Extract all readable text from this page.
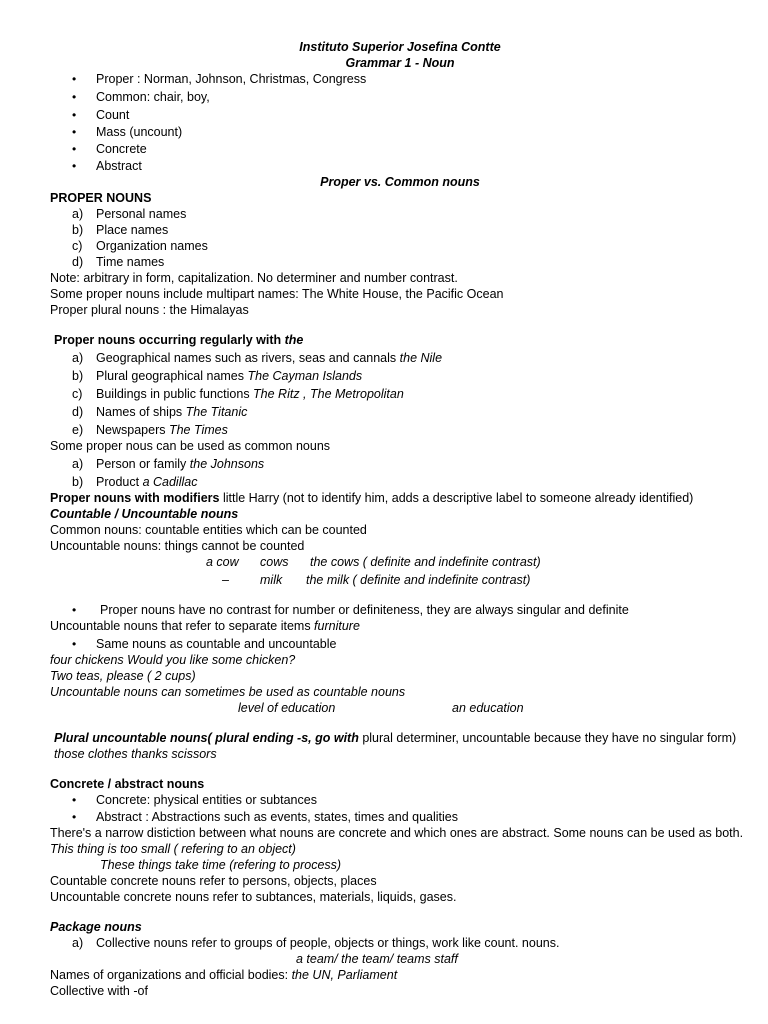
Instituto Superior Josefina Contte
Grammar 1 - Noun
• Proper : Norman, Johnson, Christmas, Congress
• Common: chair, boy,
• Count
• Mass (uncount)
• Concrete
• Abstract
Proper vs. Common nouns
PROPER NOUNS
a) Personal names
b) Place names
c) Organization names
d) Time names
Note: arbitrary in form, capitalization. No determiner and number contrast.
Some proper nouns include multipart names: The White House, the Pacific Ocean
Proper plural nouns : the Himalayas
Proper nouns occurring regularly with the
a) Geographical names such as rivers, seas and cannals the Nile
b) Plural geographical names The Cayman Islands
c) Buildings in public functions The Ritz , The Metropolitan
d) Names of ships The Titanic
e) Newspapers The Times
Some proper nous can be used as common nouns
a) Person or family the Johnsons
b) Product a Cadillac
Proper nouns with modifiers little Harry (not to identify him, adds a descriptive label to someone already identified)
Countable / Uncountable nouns
Common nouns: countable entities which can be counted
Uncountable nouns: things cannot be counted
a cow cows the cows ( definite and indefinite contrast)
– milk the milk ( definite and indefinite contrast)
• Proper nouns have no contrast for number or definiteness, they are always singular and definite
Uncountable nouns that refer to separate items furniture
• Same nouns as countable and uncountable
four chickens Would you like some chicken?
Two teas, please ( 2 cups)
Uncountable nouns can sometimes be used as countable nouns
level of education	an education
Plural uncountable nouns( plural ending -s, go with plural determiner, uncountable because they have no singular form) those clothes thanks scissors
Concrete / abstract nouns
• Concrete: physical entities or subtances
• Abstract : Abstractions such as events, states, times and qualities
There's a narrow distiction between what nouns are concrete and which ones are abstract. Some nouns can be used as both.
This thing is too small ( refering to an object)
These things take time (refering to process)
Countable concrete nouns refer to persons, objects, places
Uncountable concrete nouns refer to subtances, materials, liquids, gases.
Package nouns
a) Collective nouns refer to groups of people, objects or things, work like count. nouns.
a team/ the team/ teams staff
Names of organizations and official bodies: the UN, Parliament
Collective with -of
